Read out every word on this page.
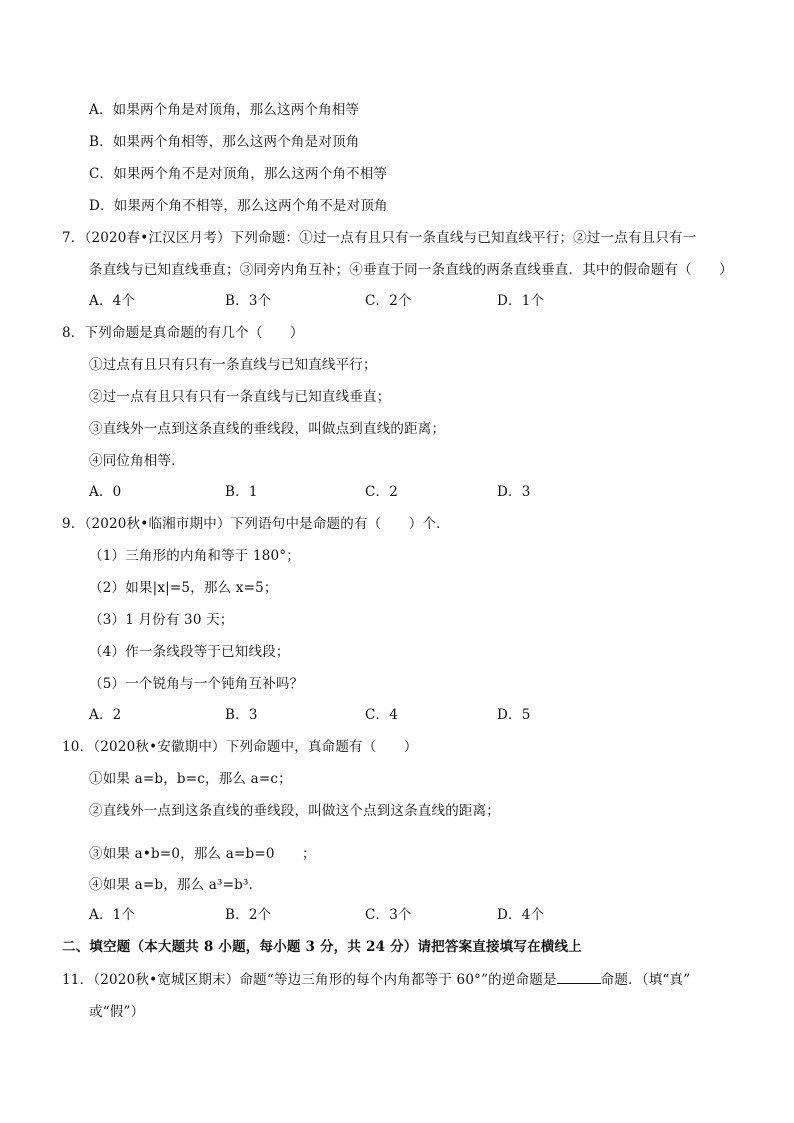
A．如果两个角是对顶角，那么这两个角相等
B．如果两个角相等，那么这两个角是对顶角
C．如果两个角不是对顶角，那么这两个角不相等
D．如果两个角不相等，那么这两个角不是对顶角
7．（2020春•江汉区月考）下列命题：①过一点有且只有一条直线与已知直线平行；②过一点有且只有一
条直线与已知直线垂直；③同旁内角互补；④垂直于同一条直线的两条直线垂直．其中的假命题有（　　）
A．4个	B．3个	C．2个	D．1个
8．下列命题是真命题的有几个（　　）
①过点有且只有只有一条直线与已知直线平行；
②过一点有且只有只有一条直线与已知直线垂直；
③直线外一点到这条直线的垂线段，叫做点到直线的距离；
④同位角相等．
A．0	B．1	C．2	D．3
9．（2020秋•临湘市期中）下列语句中是命题的有（　　）个．
（1）三角形的内角和等于 180°；
（2）如果|x|=5，那么 x=5；
（3）1 月份有 30 天；
（4）作一条线段等于已知线段；
（5）一个锐角与一个钝角互补吗？
A．2	B．3	C．4	D．5
10．（2020秋•安徽期中）下列命题中，真命题有（　　）
①如果 a=b，b=c，那么 a=c；
②直线外一点到这条直线的垂线段，叫做这个点到这条直线的距离；
③如果 a•b=0，那么 a=b=0　　；
④如果 a=b，那么 a³=b³．
A．1个	B．2个	C．3个	D．4个
二、填空题（本大题共 8 小题，每小题 3 分，共 24 分）请把答案直接填写在横线上
11．（2020秋•宽城区期末）命题“等边三角形的每个内角都等于 60°”的逆命题是	命题．（填“真”
或“假”）
